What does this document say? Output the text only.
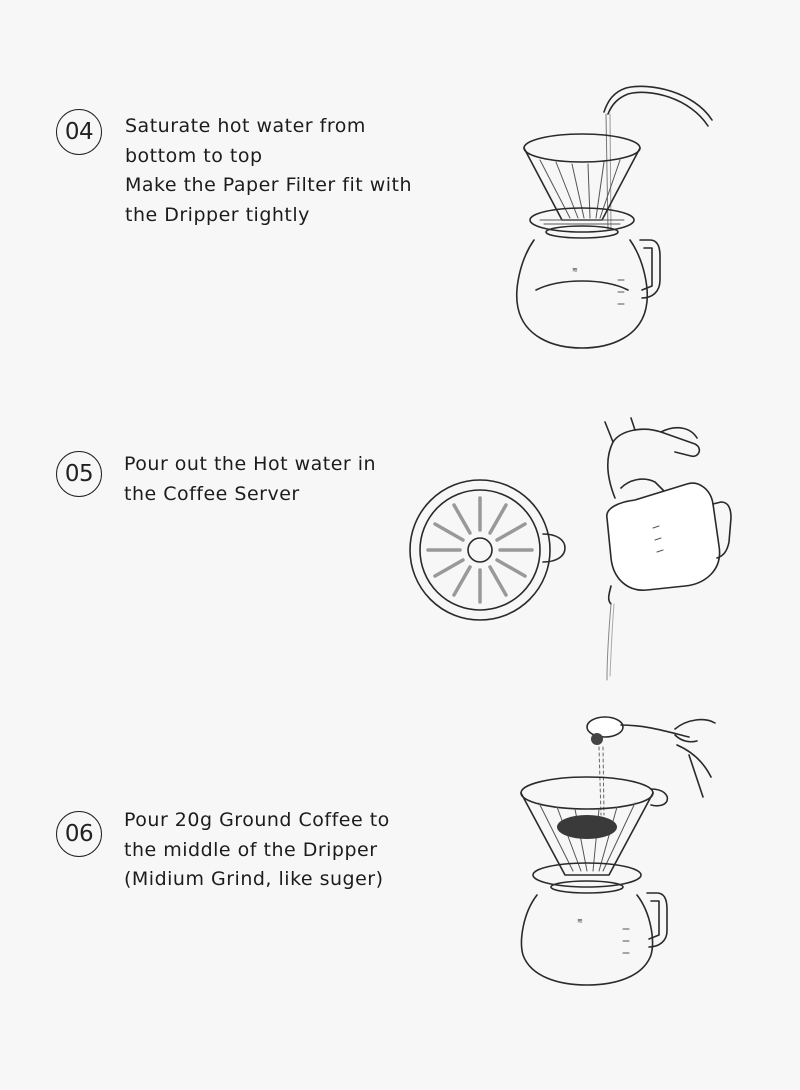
04 Saturate hot water from
bottom to top
Make the Paper Filter fit with
the Dripper tightly
≋
05 Pour out the Hot water in
the Coffee Server
06
Pour 20g Ground Coffee to
the middle of the Dripper
(Midium Grind, like suger)
≋
